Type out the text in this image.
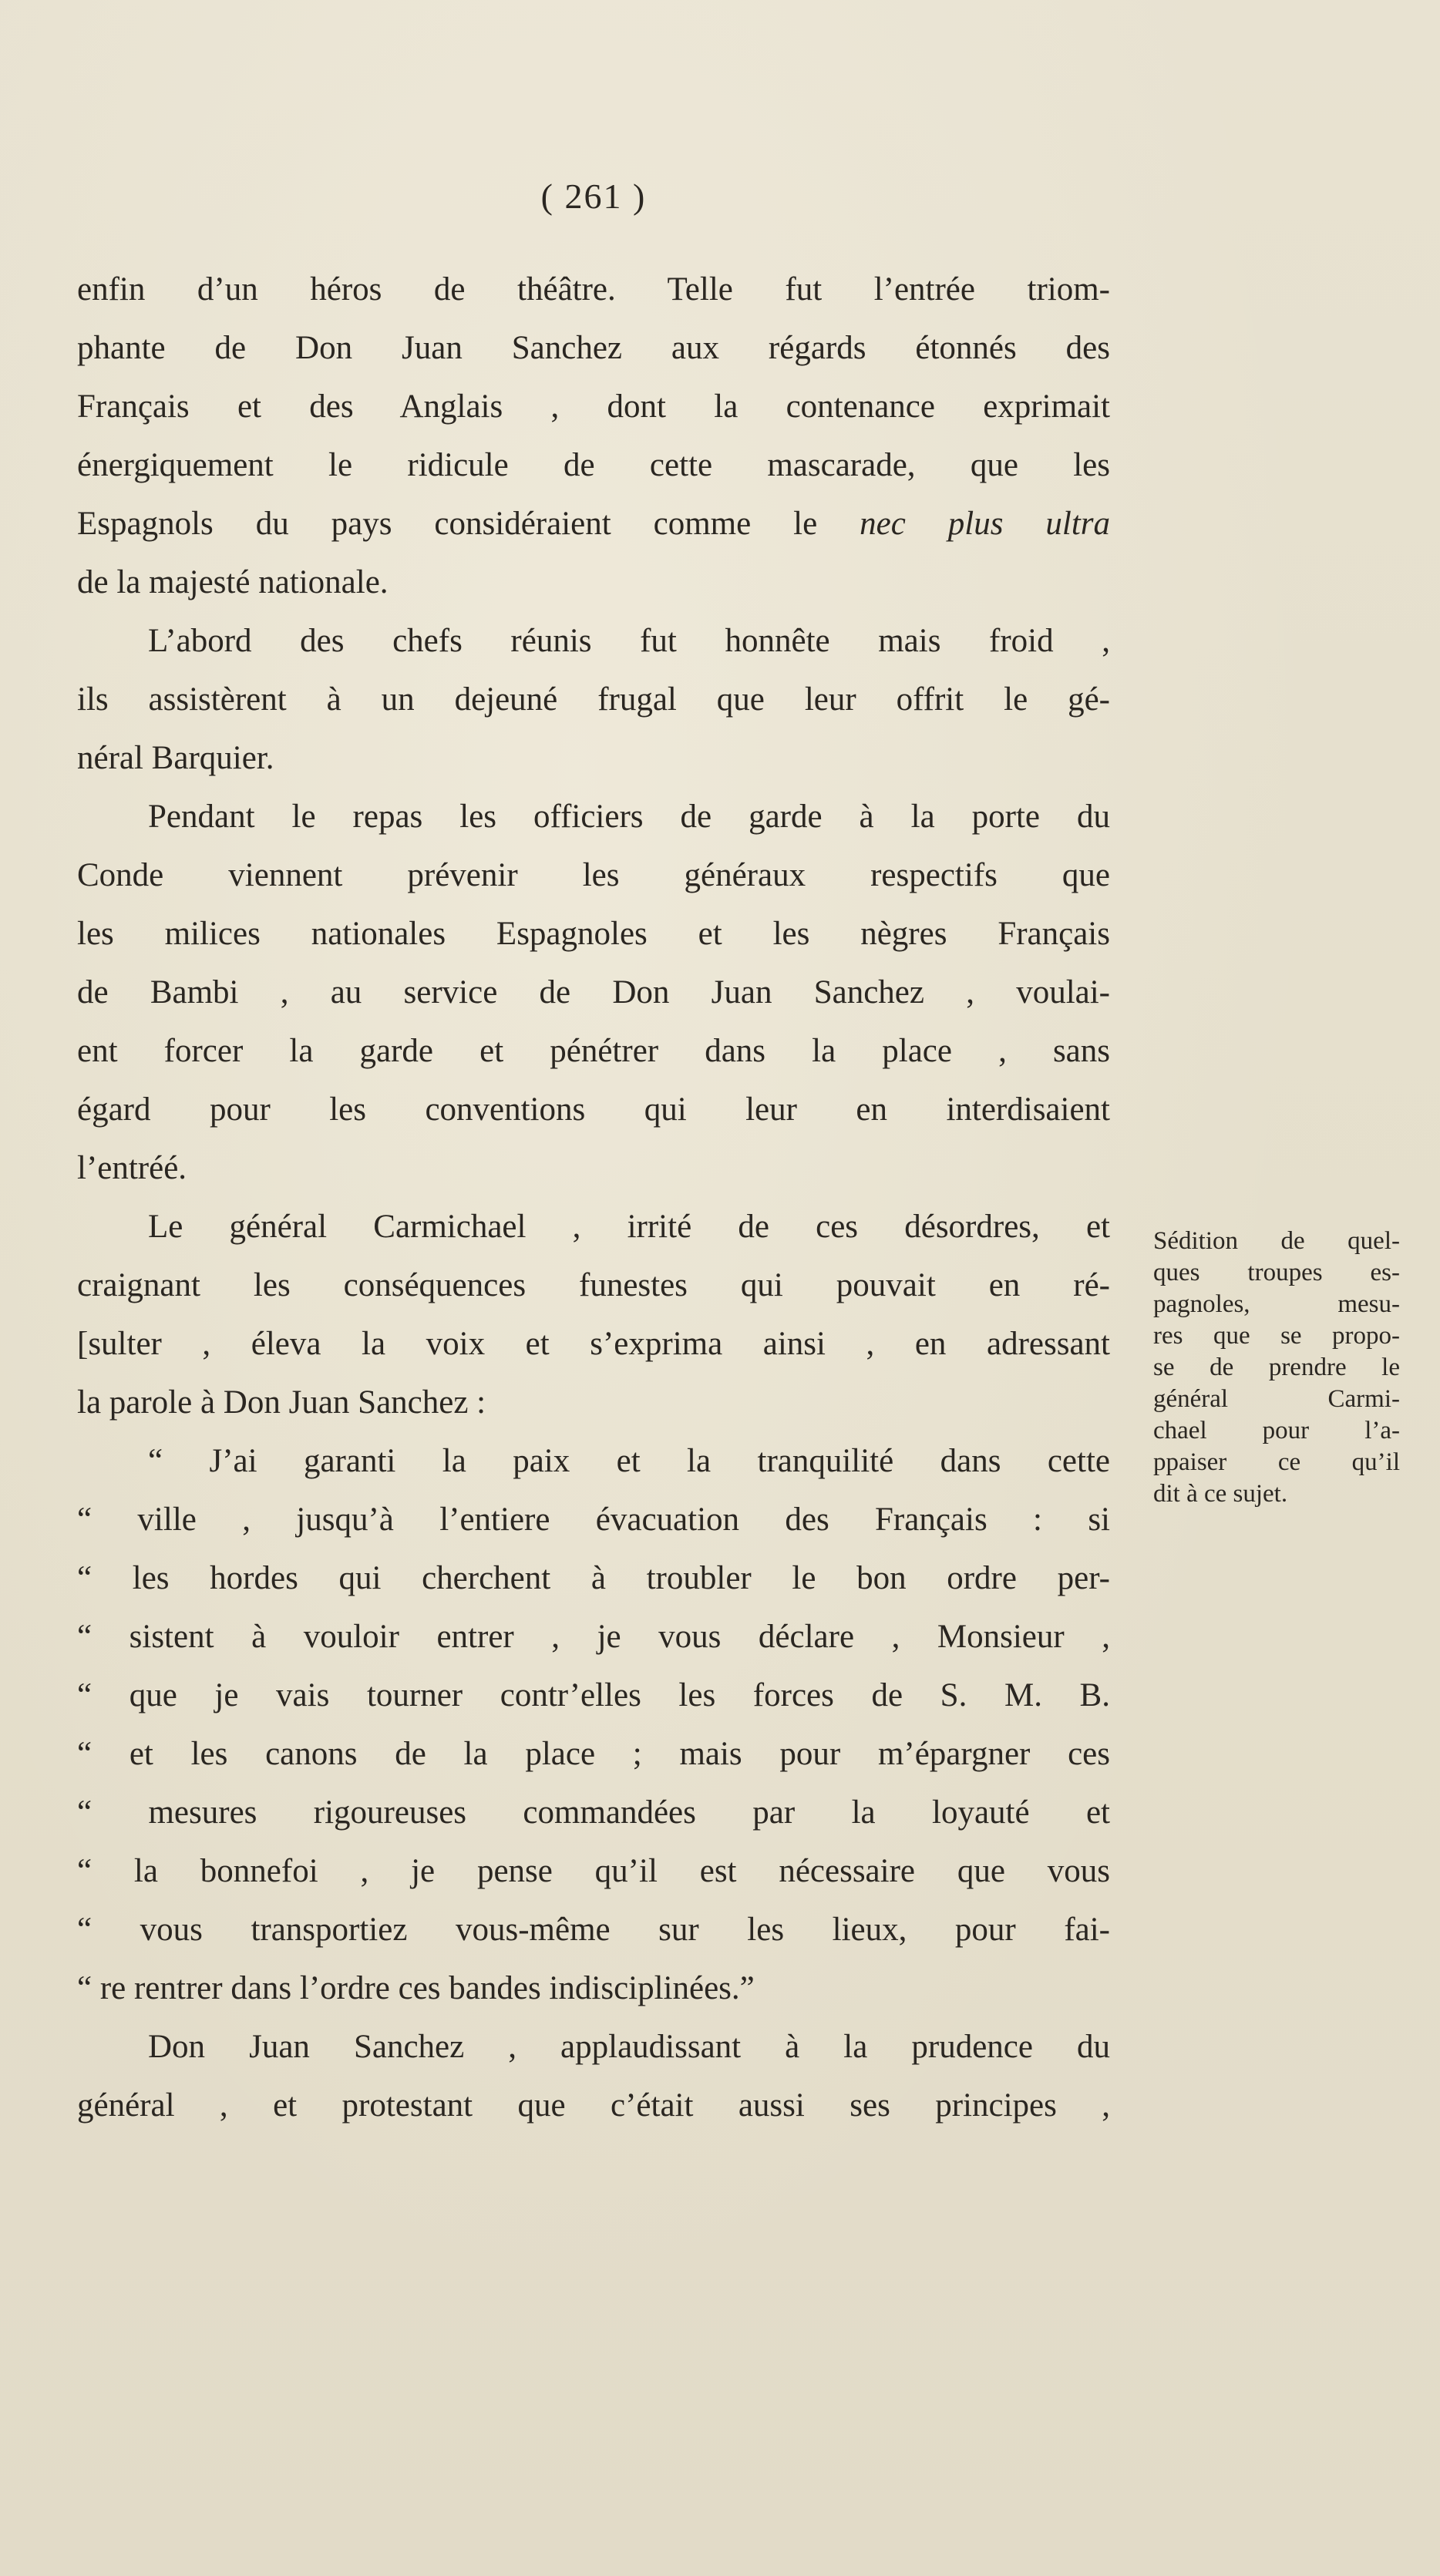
( 261 )
enfin d’un héros de théâtre. Telle fut l’entrée triom-
phante de Don Juan Sanchez aux régards étonnés des
Français et des Anglais , dont la contenance exprimait
énergiquement le ridicule de cette mascarade, que les
Espagnols du pays considéraient comme le nec plus ultra
de la majesté nationale.
L’abord des chefs réunis fut honnête mais froid ,
ils assistèrent à un dejeuné frugal que leur offrit le gé-
néral Barquier.
Pendant le repas les officiers de garde à la porte du
Conde viennent prévenir les généraux respectifs que
les milices nationales Espagnoles et les nègres Français
de Bambi , au service de Don Juan Sanchez , voulai-
ent forcer la garde et pénétrer dans la place , sans
égard pour les conventions qui leur en interdisaient
l’entréé.
Le général Carmichael , irrité de ces désordres, et
craignant les conséquences funestes qui pouvait en ré-
[sulter , éleva la voix et s’exprima ainsi , en adressant
la parole à Don Juan Sanchez :
“ J’ai garanti la paix et la tranquilité dans cette
“ ville , jusqu’à l’entiere évacuation des Français : si
“ les hordes qui cherchent à troubler le bon ordre per-
“ sistent à vouloir entrer , je vous déclare , Monsieur ,
“ que je vais tourner contr’elles les forces de S. M. B.
“ et les canons de la place ; mais pour m’épargner ces
“ mesures rigoureuses commandées par la loyauté et
“ la bonnefoi , je pense qu’il est nécessaire que vous
“ vous transportiez vous-même sur les lieux, pour fai-
“ re rentrer dans l’ordre ces bandes indisciplinées.”
Don Juan Sanchez , applaudissant à la prudence du
général , et protestant que c’était aussi ses principes ,
Sédition de quel-
ques troupes es-
pagnoles, mesu-
res que se propo-
se de prendre le
général Carmi-
chael pour l’a-
ppaiser ce qu’il
dit à ce sujet.
